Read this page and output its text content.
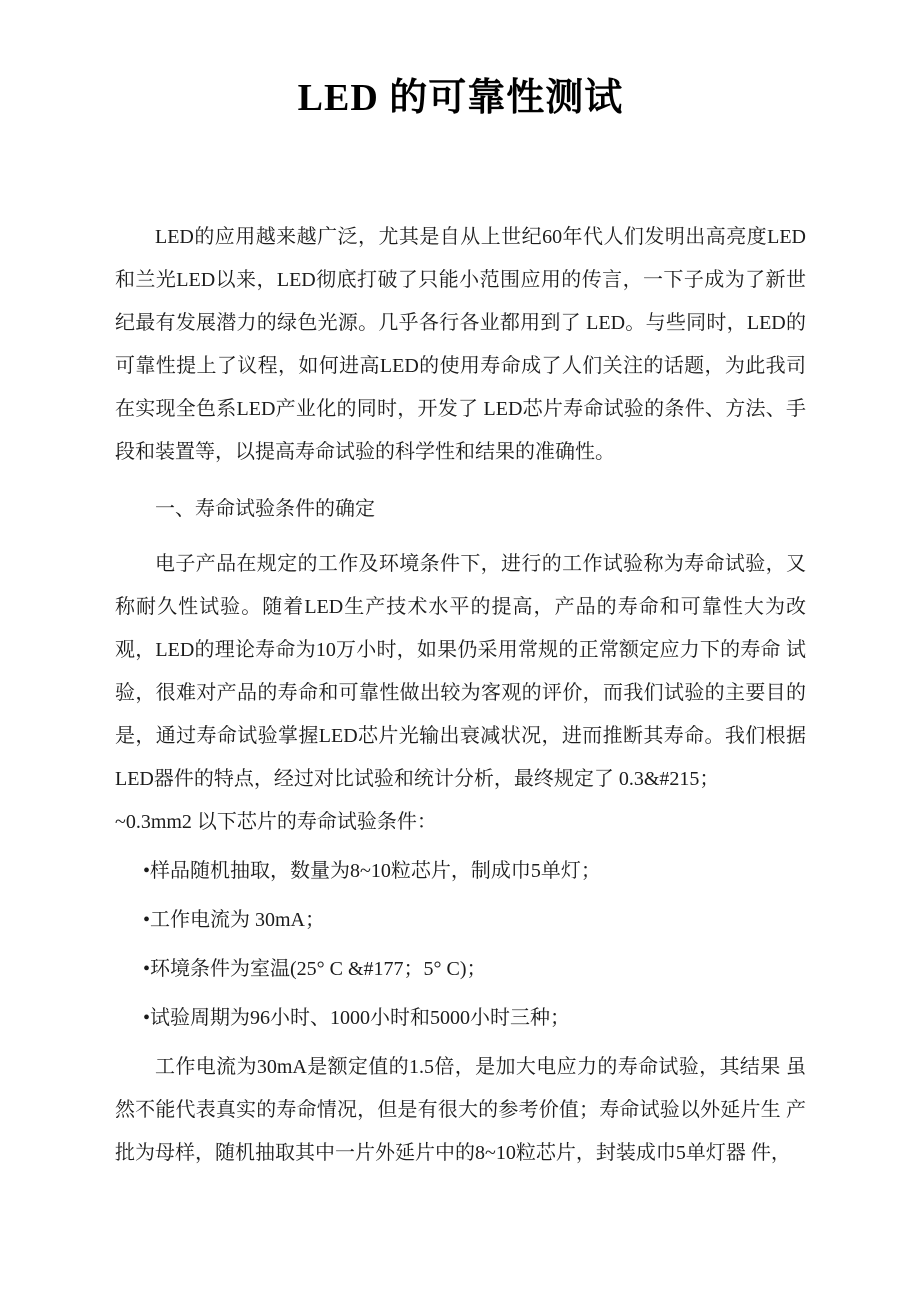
LED 的可靠性测试

LED的应用越来越广泛，尤其是自从上世纪60年代人们发明出高亮度LED和兰光LED以来，LED彻底打破了只能小范围应用的传言，一下子成为了新世纪最有发展潜力的绿色光源。几乎各行各业都用到了 LED。与些同时，LED的可靠性提上了议程，如何进高LED的使用寿命成了人们关注的话题，为此我司在实现全色系LED产业化的同时，开发了 LED芯片寿命试验的条件、方法、手段和装置等，以提高寿命试验的科学性和结果的准确性。

一、寿命试验条件的确定

电子产品在规定的工作及环境条件下，进行的工作试验称为寿命试验，又称耐久性试验。随着LED生产技术水平的提高，产品的寿命和可靠性大为改观，LED的理论寿命为10万小时，如果仍采用常规的正常额定应力下的寿命 试验，很难对产品的寿命和可靠性做出较为客观的评价，而我们试验的主要目的是，通过寿命试验掌握LED芯片光输出衰减状况，进而推断其寿命。我们根据LED器件的特点，经过对比试验和统计分析，最终规定了 0.3&#215；

~0.3mm2 以下芯片的寿命试验条件：

•样品随机抽取，数量为8~10粒芯片，制成巾5单灯；

•工作电流为 30mA；

•环境条件为室温(25° C &#177；5° C)；

•试验周期为96小时、1000小时和5000小时三种；

工作电流为30mA是额定值的1.5倍，是加大电应力的寿命试验，其结果 虽然不能代表真实的寿命情况，但是有很大的参考价值；寿命试验以外延片生 产批为母样，随机抽取其中一片外延片中的8~10粒芯片，封装成巾5单灯器 件，
